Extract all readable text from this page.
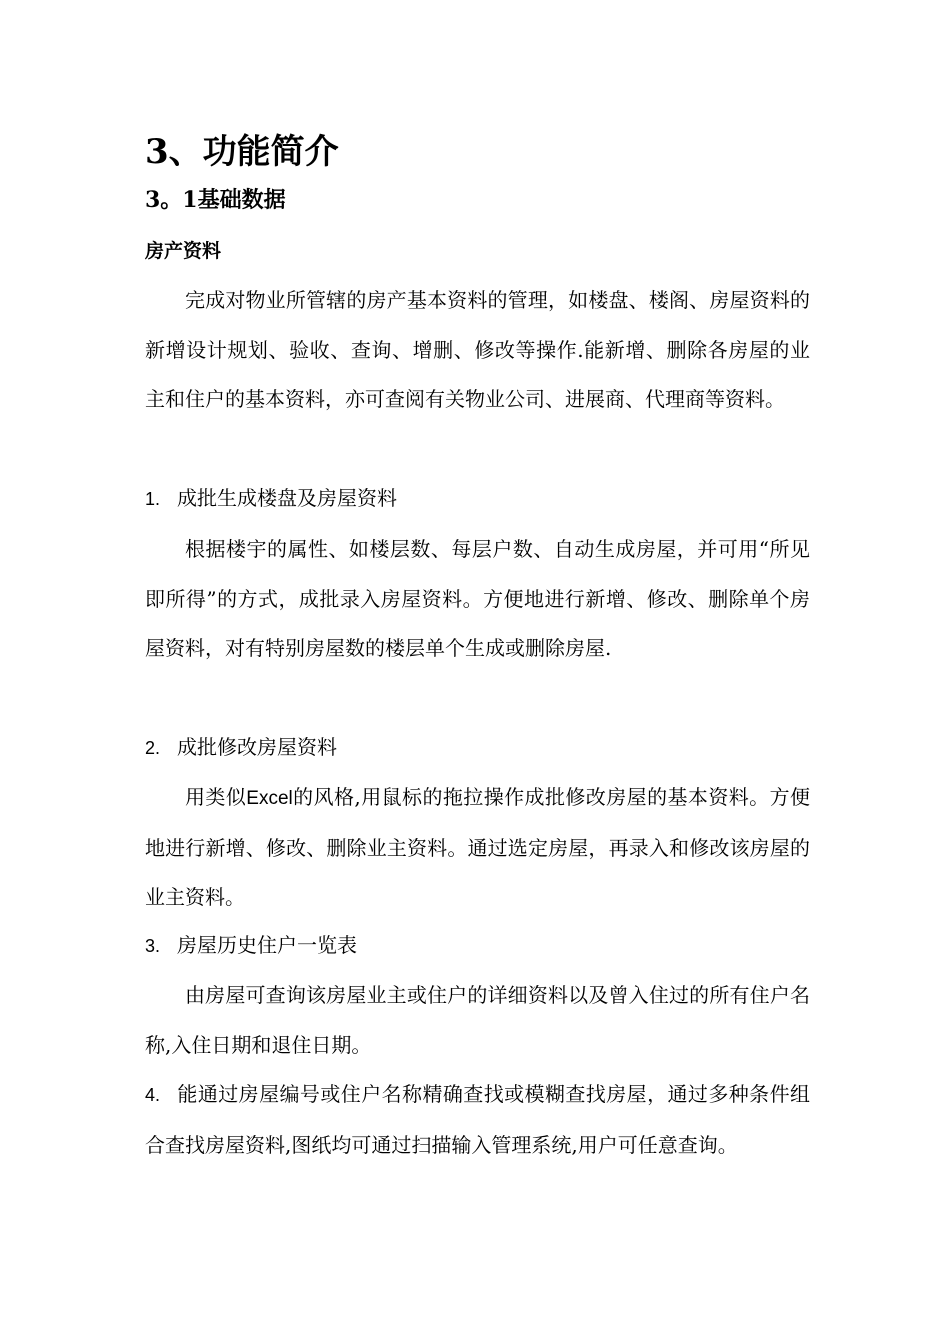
3、功能简介
3。1基础数据
房产资料
完成对物业所管辖的房产基本资料的管理，如楼盘、楼阁、房屋资料的新增设计规划、验收、查询、增删、修改等操作.能新增、删除各房屋的业主和住户的基本资料，亦可查阅有关物业公司、进展商、代理商等资料。
1. 成批生成楼盘及房屋资料
根据楼宇的属性、如楼层数、每层户数、自动生成房屋，并可用“所见即所得”的方式，成批录入房屋资料。方便地进行新增、修改、删除单个房屋资料，对有特别房屋数的楼层单个生成或删除房屋.
2. 成批修改房屋资料
用类似Excel的风格,用鼠标的拖拉操作成批修改房屋的基本资料。方便地进行新增、修改、删除业主资料。通过选定房屋，再录入和修改该房屋的业主资料。
3. 房屋历史住户一览表
由房屋可查询该房屋业主或住户的详细资料以及曾入住过的所有住户名称,入住日期和退住日期。
4. 能通过房屋编号或住户名称精确查找或模糊查找房屋，通过多种条件组合查找房屋资料,图纸均可通过扫描输入管理系统,用户可任意查询。
